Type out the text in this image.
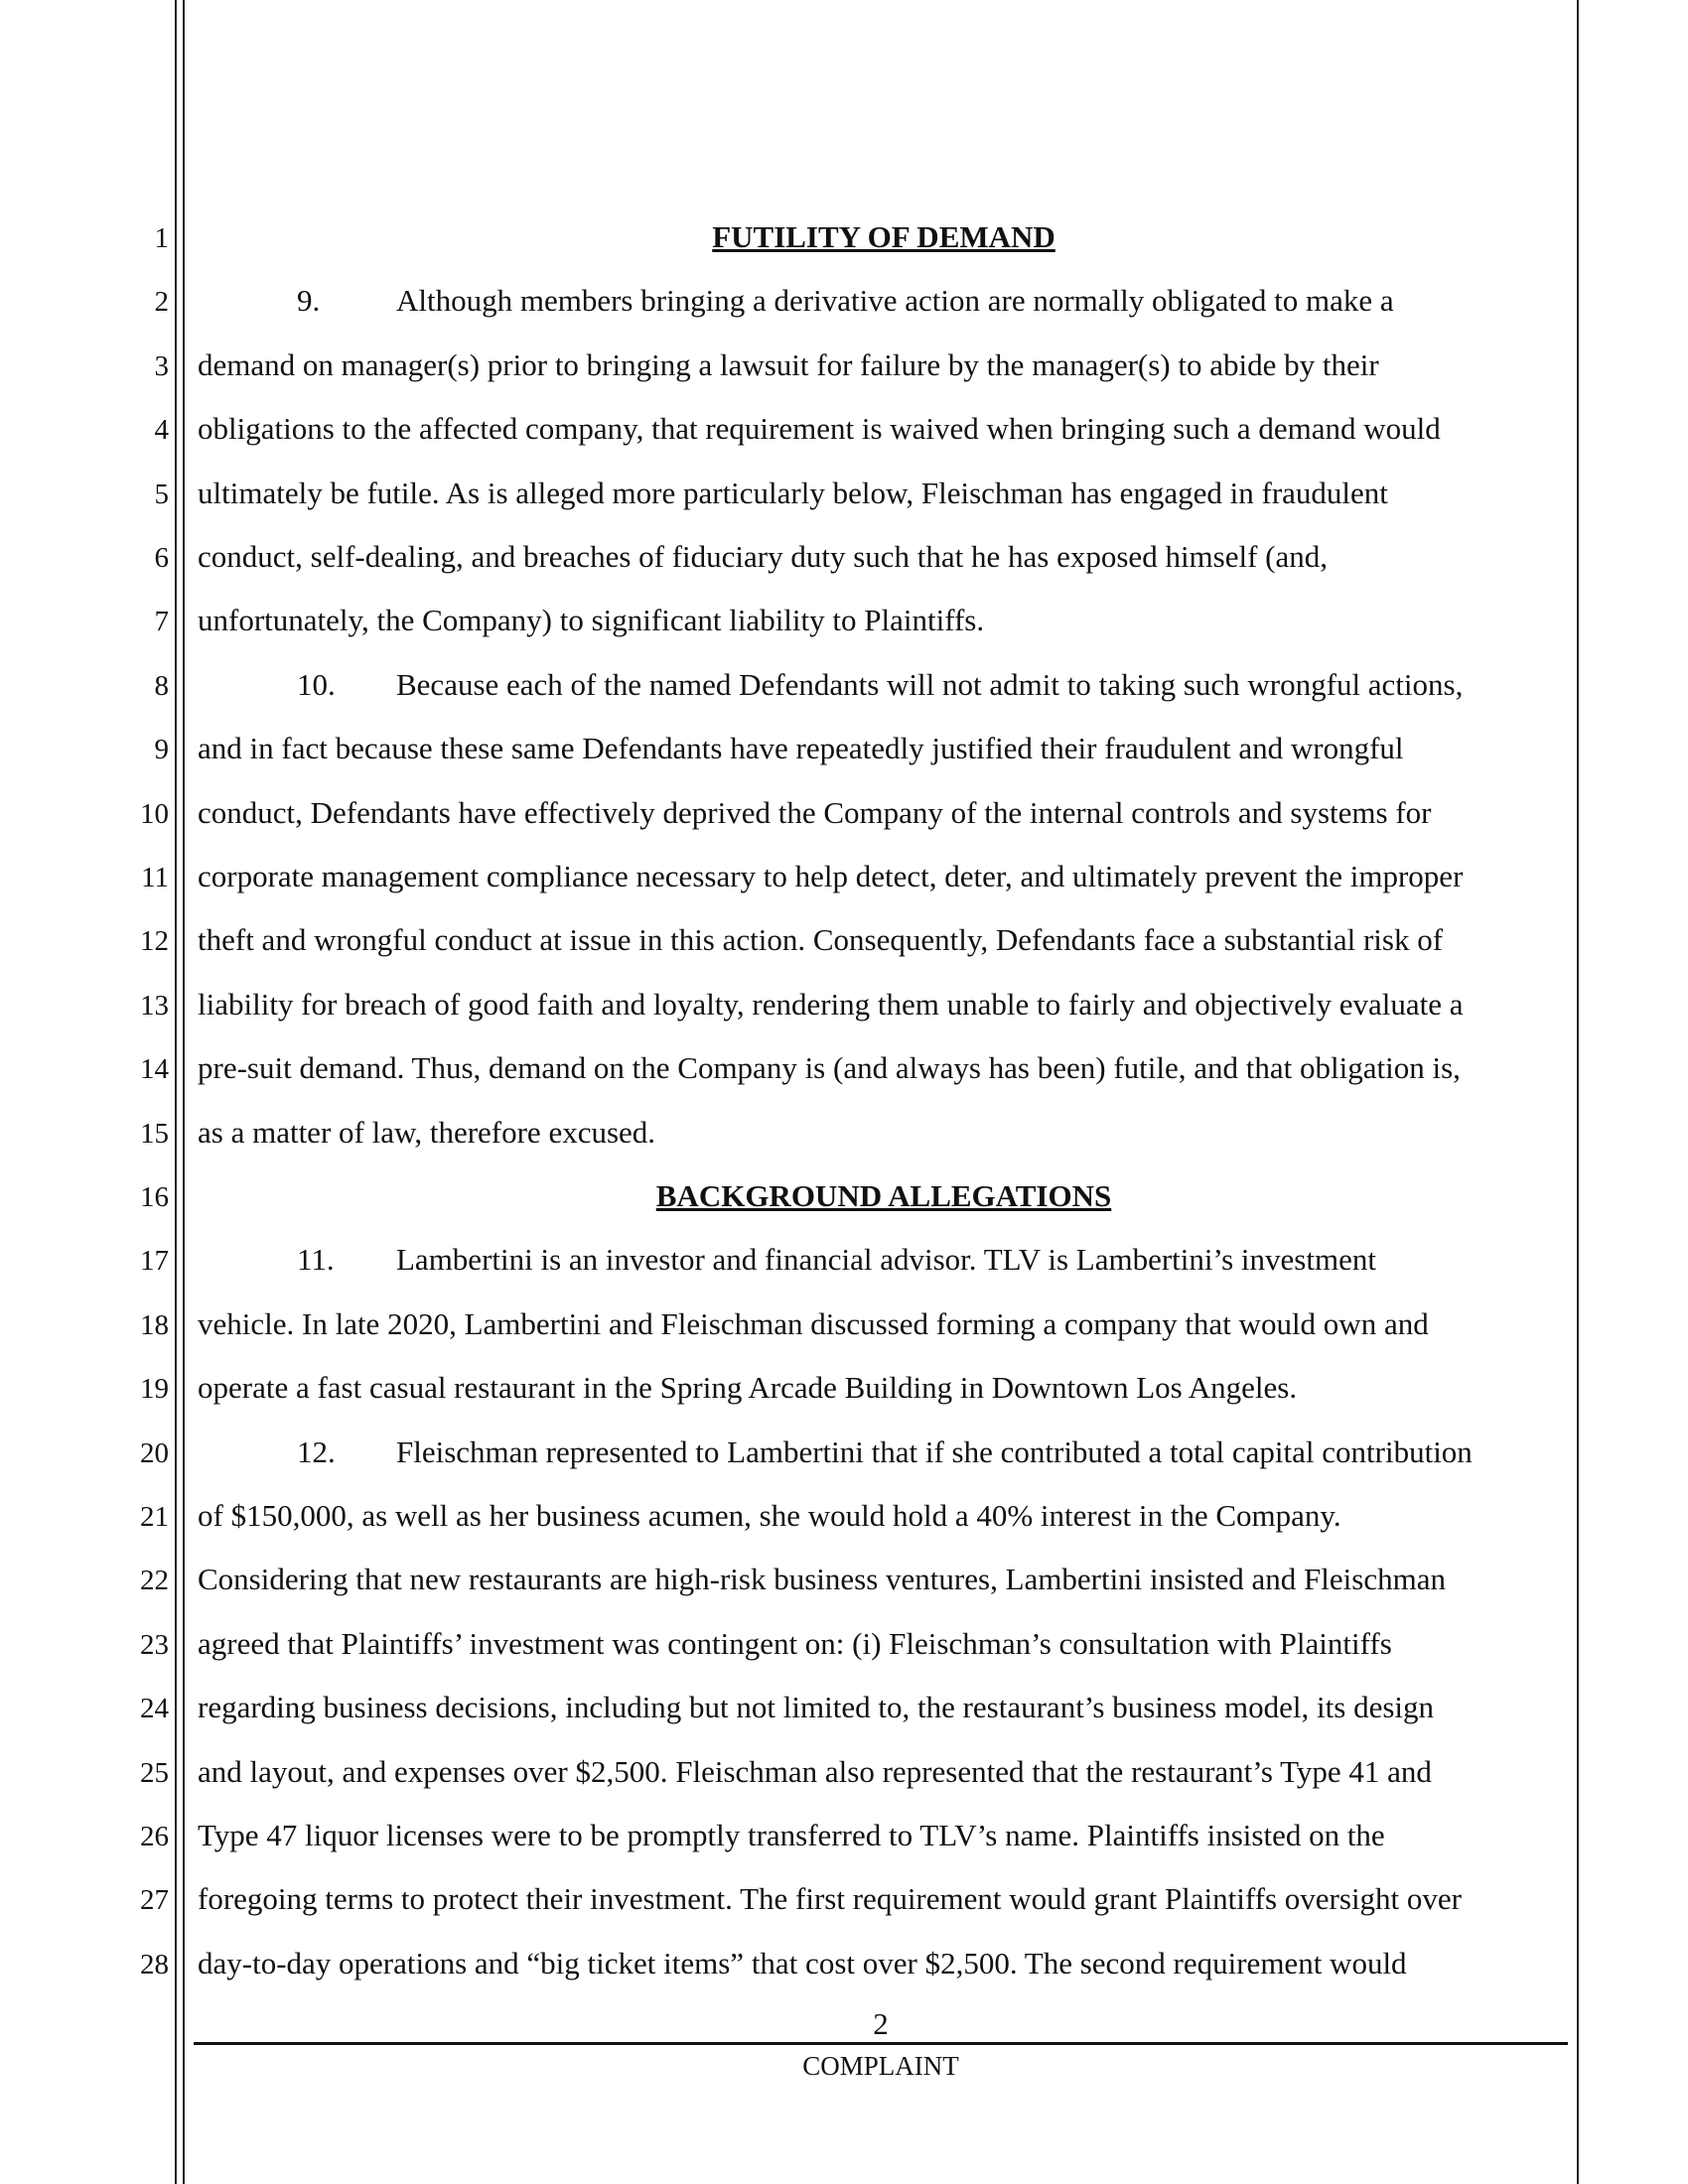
1
2
3
4
5
6
7
8
9
10
11
12
13
14
15
16
17
18
19
20
21
22
23
24
25
26
27
28
FUTILITY OF DEMAND
9. Although members bringing a derivative action are normally obligated to make a
demand on manager(s) prior to bringing a lawsuit for failure by the manager(s) to abide by their
obligations to the affected company, that requirement is waived when bringing such a demand would
ultimately be futile. As is alleged more particularly below, Fleischman has engaged in fraudulent
conduct, self-dealing, and breaches of fiduciary duty such that he has exposed himself (and,
unfortunately, the Company) to significant liability to Plaintiffs.
10. Because each of the named Defendants will not admit to taking such wrongful actions,
and in fact because these same Defendants have repeatedly justified their fraudulent and wrongful
conduct, Defendants have effectively deprived the Company of the internal controls and systems for
corporate management compliance necessary to help detect, deter, and ultimately prevent the improper
theft and wrongful conduct at issue in this action. Consequently, Defendants face a substantial risk of
liability for breach of good faith and loyalty, rendering them unable to fairly and objectively evaluate a
pre-suit demand. Thus, demand on the Company is (and always has been) futile, and that obligation is,
as a matter of law, therefore excused.
BACKGROUND ALLEGATIONS
11. Lambertini is an investor and financial advisor. TLV is Lambertini’s investment
vehicle. In late 2020, Lambertini and Fleischman discussed forming a company that would own and
operate a fast casual restaurant in the Spring Arcade Building in Downtown Los Angeles.
12. Fleischman represented to Lambertini that if she contributed a total capital contribution
of $150,000, as well as her business acumen, she would hold a 40% interest in the Company.
Considering that new restaurants are high-risk business ventures, Lambertini insisted and Fleischman
agreed that Plaintiffs’ investment was contingent on: (i) Fleischman’s consultation with Plaintiffs
regarding business decisions, including but not limited to, the restaurant’s business model, its design
and layout, and expenses over $2,500. Fleischman also represented that the restaurant’s Type 41 and
Type 47 liquor licenses were to be promptly transferred to TLV’s name. Plaintiffs insisted on the
foregoing terms to protect their investment. The first requirement would grant Plaintiffs oversight over
day-to-day operations and “big ticket items” that cost over $2,500. The second requirement would
2
COMPLAINT
